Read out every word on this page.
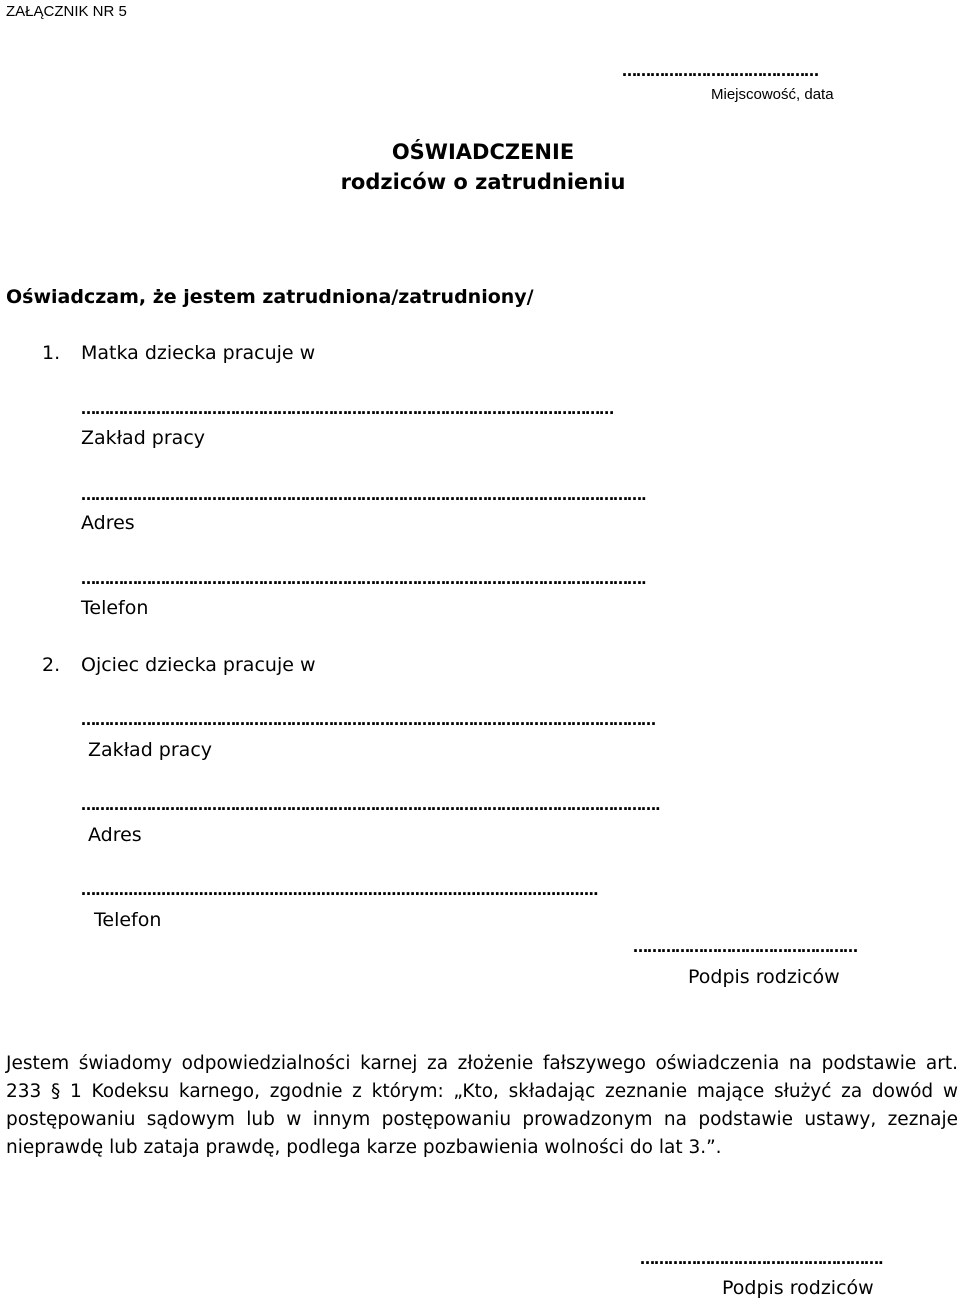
ZAŁĄCZNIK NR 5
……………………………………
Miejscowość, data
OŚWIADCZENIE
rodziców o zatrudnieniu
Oświadczam, że jestem zatrudniona/zatrudniony/
1. Matka dziecka pracuje w
…………………………………………………………………………………...………………
Zakład pracy
………………………………………………………………………………………………………….
Adres
………………………………………………………………………………………………………….
Telefon
2. Ojciec dziecka pracuje w
……………………………………………………………………………………………………………
Zakład pracy
…………………………………………………………………………………………………………….
Adres
…...........................................................................................................
Telefon
…………………………………………
Podpis rodziców
Jestem świadomy odpowiedzialności karnej za złożenie fałszywego oświadczenia na podstawie art. 233 § 1 Kodeksu karnego, zgodnie z którym: „Kto, składając zeznanie mające służyć za dowód w postępowaniu sądowym lub w innym postępowaniu prowadzonym na podstawie ustawy, zeznaje nieprawdę lub zataja prawdę, podlega karze pozbawienia wolności do lat 3.”.
…………………………………………….
Podpis rodziców
